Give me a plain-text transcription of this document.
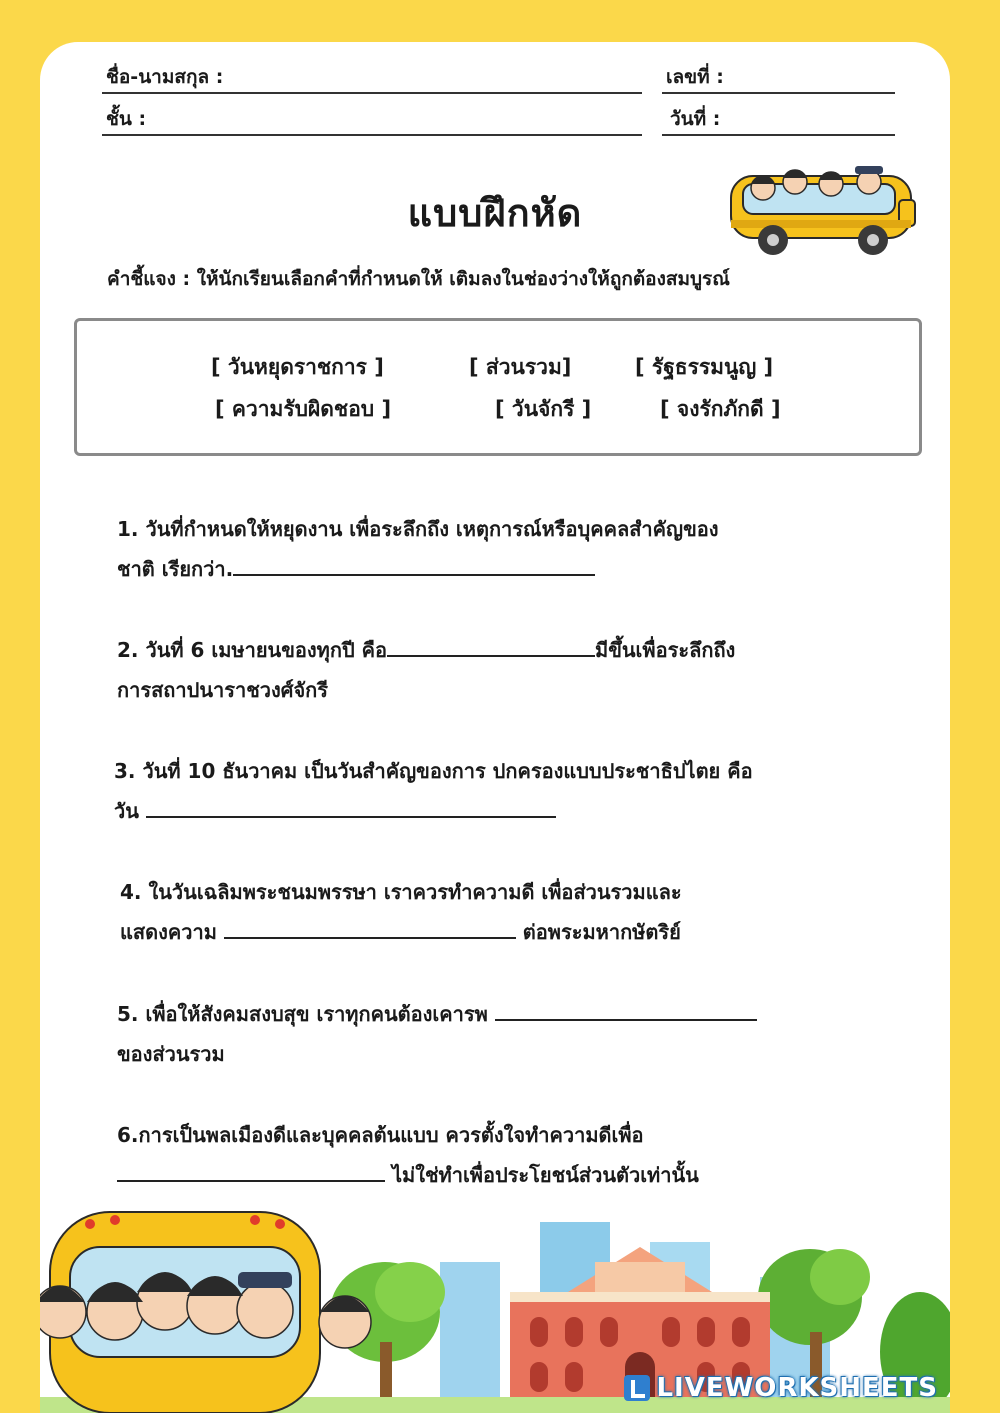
ชื่อ-นามสกุล :	เลขที่ :
ชั้น :	วันที่ :
แบบฝึกหัด
คำชี้แจง : ให้นักเรียนเลือกคำที่กำหนดให้ เติมลงในช่องว่างให้ถูกต้องสมบูรณ์
[ วันหยุดราชการ ]	[ ส่วนรวม]	[ รัฐธรรมนูญ ]
[ ความรับผิดชอบ ]	[ วันจักรี ]	[ จงรักภักดี ]
1. วันที่กำหนดให้หยุดงาน เพื่อระลึกถึง เหตุการณ์หรือบุคคลสำคัญของ
ชาติ เรียกว่า.
2. วันที่ 6 เมษายนของทุกปี คือ	มีขึ้นเพื่อระลึกถึง
การสถาปนาราชวงศ์จักรี
3. วันที่ 10 ธันวาคม เป็นวันสำคัญของการ ปกครองแบบประชาธิปไตย คือ
วัน
4. ในวันเฉลิมพระชนมพรรษา เราควรทำความดี เพื่อส่วนรวมและ
แสดงความ	ต่อพระมหากษัตริย์
5. เพื่อให้สังคมสงบสุข เราทุกคนต้องเคารพ
ของส่วนรวม
6.การเป็นพลเมืองดีและบุคคลต้นแบบ ควรตั้งใจทำความดีเพื่อ
ไม่ใช่ทำเพื่อประโยชน์ส่วนตัวเท่านั้น
LIVEWORKSHEETS
